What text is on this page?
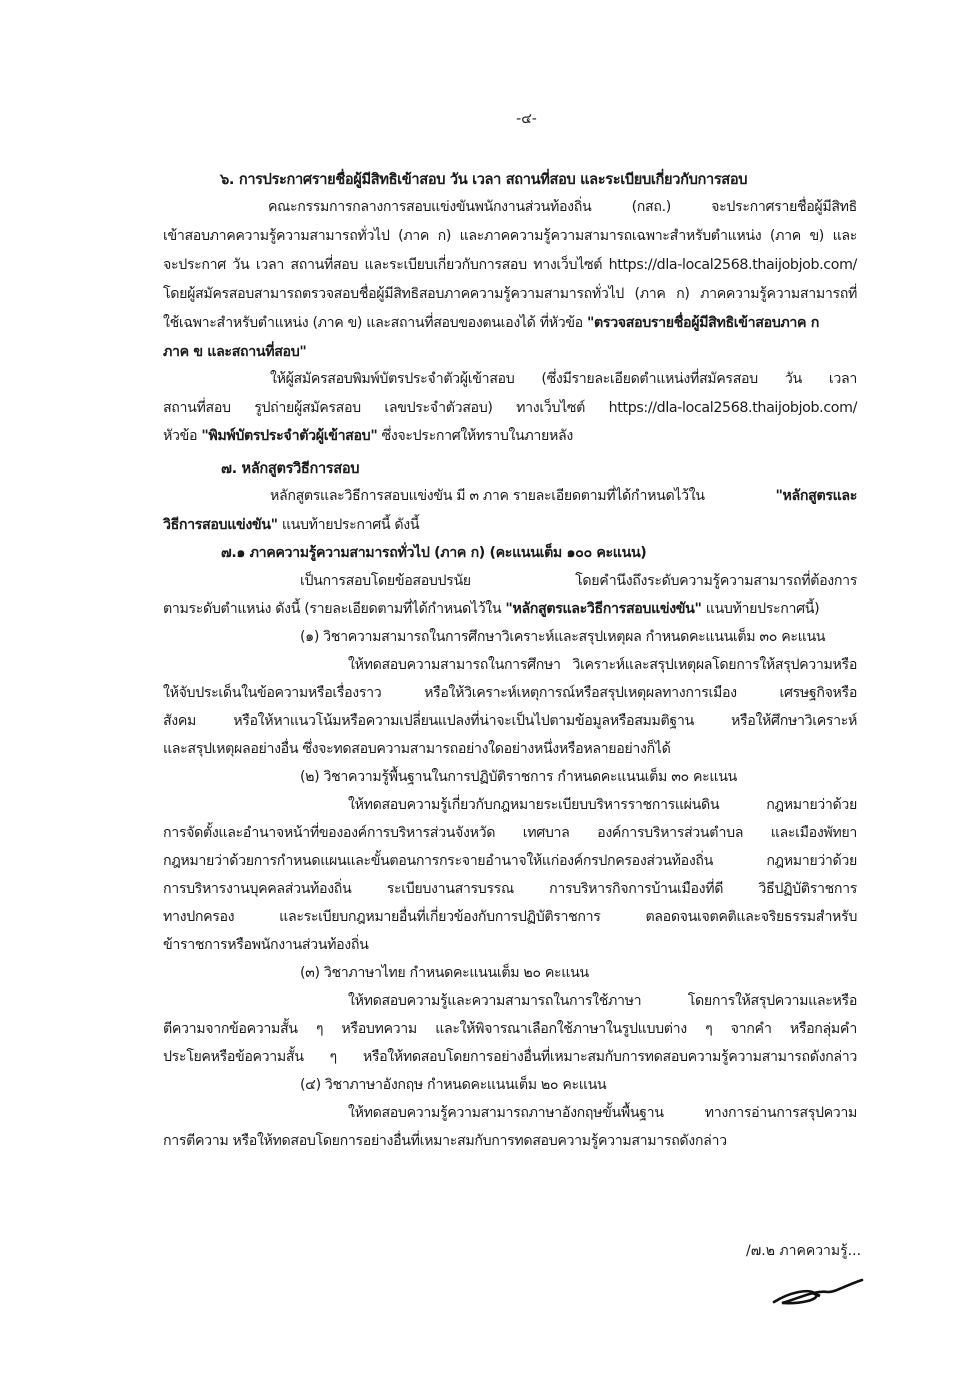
-๔-
๖. การประกาศรายชื่อผู้มีสิทธิเข้าสอบ วัน เวลา สถานที่สอบ และระเบียบเกี่ยวกับการสอบ
คณะกรรมการกลางการสอบแข่งขันพนักงานส่วนท้องถิ่น (กสถ.) จะประกาศรายชื่อผู้มีสิทธิ
เข้าสอบภาคความรู้ความสามารถทั่วไป (ภาค ก) และภาคความรู้ความสามารถเฉพาะสำหรับตำแหน่ง (ภาค ข) และ
จะประกาศ วัน เวลา สถานที่สอบ และระเบียบเกี่ยวกับการสอบ ทางเว็บไซต์ https://dla-local2568.thaijobjob.com/
โดยผู้สมัครสอบสามารถตรวจสอบชื่อผู้มีสิทธิสอบภาคความรู้ความสามารถทั่วไป (ภาค ก) ภาคความรู้ความสามารถที่
ใช้เฉพาะสำหรับตำแหน่ง (ภาค ข) และสถานที่สอบของตนเองได้ ที่หัวข้อ "ตรวจสอบรายชื่อผู้มีสิทธิเข้าสอบภาค ก
ภาค ข และสถานที่สอบ"
ให้ผู้สมัครสอบพิมพ์บัตรประจำตัวผู้เข้าสอบ (ซึ่งมีรายละเอียดตำแหน่งที่สมัครสอบ วัน เวลา
สถานที่สอบ รูปถ่ายผู้สมัครสอบ เลขประจำตัวสอบ) ทางเว็บไซต์ https://dla-local2568.thaijobjob.com/
หัวข้อ "พิมพ์บัตรประจำตัวผู้เข้าสอบ" ซึ่งจะประกาศให้ทราบในภายหลัง
๗. หลักสูตรวิธีการสอบ
หลักสูตรและวิธีการสอบแข่งขัน มี ๓ ภาค รายละเอียดตามที่ได้กำหนดไว้ใน	"หลักสูตรและ
วิธีการสอบแข่งขัน" แนบท้ายประกาศนี้ ดังนี้
๗.๑ ภาคความรู้ความสามารถทั่วไป (ภาค ก) (คะแนนเต็ม ๑๐๐ คะแนน)
เป็นการสอบโดยข้อสอบปรนัย โดยคำนึงถึงระดับความรู้ความสามารถที่ต้องการ
ตามระดับตำแหน่ง ดังนี้ (รายละเอียดตามที่ได้กำหนดไว้ใน "หลักสูตรและวิธีการสอบแข่งขัน" แนบท้ายประกาศนี้)
(๑) วิชาความสามารถในการศึกษาวิเคราะห์และสรุปเหตุผล กำหนดคะแนนเต็ม ๓๐ คะแนน
ให้ทดสอบความสามารถในการศึกษา วิเคราะห์และสรุปเหตุผลโดยการให้สรุปความหรือ
ให้จับประเด็นในข้อความหรือเรื่องราว หรือให้วิเคราะห์เหตุการณ์หรือสรุปเหตุผลทางการเมือง เศรษฐกิจหรือ
สังคม หรือให้หาแนวโน้มหรือความเปลี่ยนแปลงที่น่าจะเป็นไปตามข้อมูลหรือสมมติฐาน หรือให้ศึกษาวิเคราะห์
และสรุปเหตุผลอย่างอื่น ซึ่งจะทดสอบความสามารถอย่างใดอย่างหนึ่งหรือหลายอย่างก็ได้
(๒) วิชาความรู้พื้นฐานในการปฏิบัติราชการ กำหนดคะแนนเต็ม ๓๐ คะแนน
ให้ทดสอบความรู้เกี่ยวกับกฎหมายระเบียบบริหารราชการแผ่นดิน กฎหมายว่าด้วย
การจัดตั้งและอำนาจหน้าที่ขององค์การบริหารส่วนจังหวัด เทศบาล องค์การบริหารส่วนตำบล และเมืองพัทยา
กฎหมายว่าด้วยการกำหนดแผนและขั้นตอนการกระจายอำนาจให้แก่องค์กรปกครองส่วนท้องถิ่น กฎหมายว่าด้วย
การบริหารงานบุคคลส่วนท้องถิ่น ระเบียบงานสารบรรณ การบริหารกิจการบ้านเมืองที่ดี วิธีปฏิบัติราชการ
ทางปกครอง และระเบียบกฎหมายอื่นที่เกี่ยวข้องกับการปฏิบัติราชการ ตลอดจนเจตคติและจริยธรรมสำหรับ
ข้าราชการหรือพนักงานส่วนท้องถิ่น
(๓) วิชาภาษาไทย กำหนดคะแนนเต็ม ๒๐ คะแนน
ให้ทดสอบความรู้และความสามารถในการใช้ภาษา โดยการให้สรุปความและหรือ
ตีความจากข้อความสั้น ๆ หรือบทความ และให้พิจารณาเลือกใช้ภาษาในรูปแบบต่าง ๆ จากคำ หรือกลุ่มคำ
ประโยคหรือข้อความสั้น ๆ หรือให้ทดสอบโดยการอย่างอื่นที่เหมาะสมกับการทดสอบความรู้ความสามารถดังกล่าว
(๔) วิชาภาษาอังกฤษ กำหนดคะแนนเต็ม ๒๐ คะแนน
ให้ทดสอบความรู้ความสามารถภาษาอังกฤษขั้นพื้นฐาน ทางการอ่านการสรุปความ
การตีความ หรือให้ทดสอบโดยการอย่างอื่นที่เหมาะสมกับการทดสอบความรู้ความสามารถดังกล่าว
/๗.๒ ภาคความรู้...
